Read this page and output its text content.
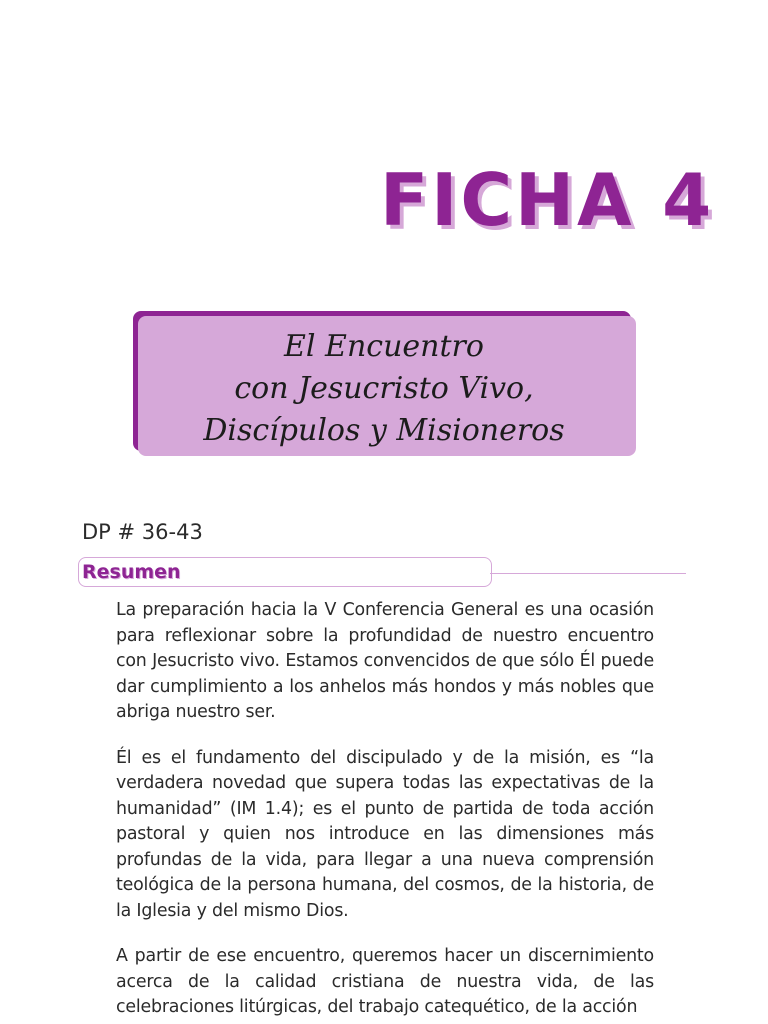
FICHA 4
El Encuentro
con Jesucristo Vivo,
Discípulos y Misioneros
DP # 36-43
Resumen

La preparación hacia la V Conferencia General es una ocasión para reflexionar sobre la profundidad de nuestro encuentro con Jesucristo vivo. Estamos convencidos de que sólo Él puede dar cumplimiento a los anhelos más hondos y más nobles que abriga nuestro ser.

Él es el fundamento del discipulado y de la misión, es “la verdadera novedad que supera todas las expectativas de la humanidad” (IM 1.4); es el punto de partida de toda acción pastoral y quien nos introduce en las dimensiones más profundas de la vida, para llegar a una nueva comprensión teológica de la persona humana, del cosmos, de la historia, de la Iglesia y del mismo Dios.

A partir de ese encuentro, queremos hacer un discernimiento acerca de la calidad cristiana de nuestra vida, de las celebraciones litúrgicas, del trabajo catequético, de la acción
